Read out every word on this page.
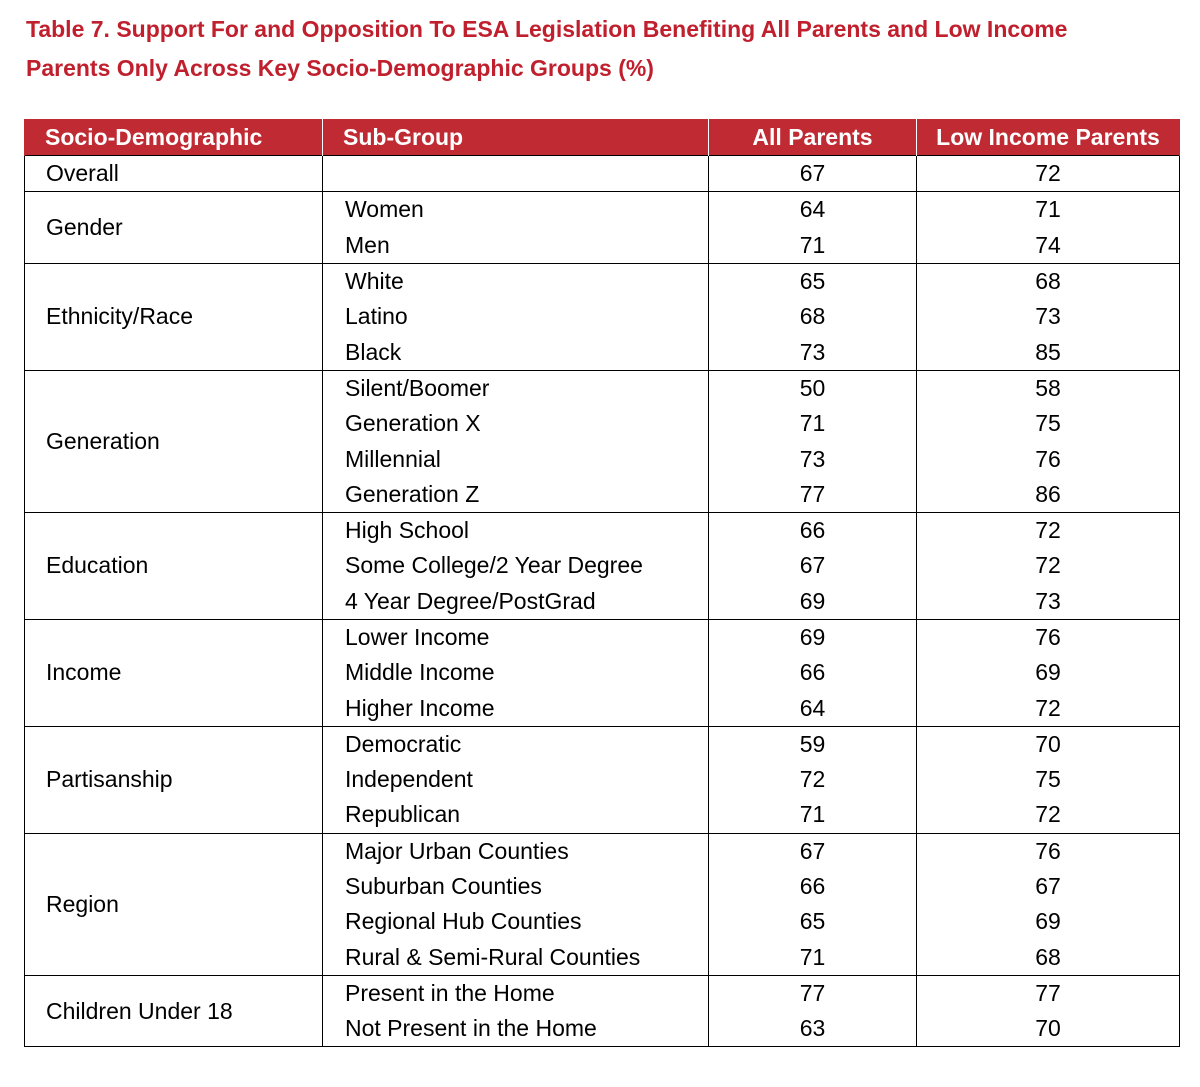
Table 7. Support For and Opposition To ESA Legislation Benefiting All Parents and Low Income
Parents Only Across Key Socio-Demographic Groups (%)

Socio-Demographic	Sub-Group	All Parents	Low Income Parents
Overall		67	72
Gender	Women	64	71
	Men	71	74
Ethnicity/Race	White	65	68
	Latino	68	73
	Black	73	85
Generation	Silent/Boomer	50	58
	Generation X	71	75
	Millennial	73	76
	Generation Z	77	86
Education	High School	66	72
	Some College/2 Year Degree	67	72
	4 Year Degree/PostGrad	69	73
Income	Lower Income	69	76
	Middle Income	66	69
	Higher Income	64	72
Partisanship	Democratic	59	70
	Independent	72	75
	Republican	71	72
Region	Major Urban Counties	67	76
	Suburban Counties	66	67
	Regional Hub Counties	65	69
	Rural & Semi-Rural Counties	71	68
Children Under 18	Present in the Home	77	77
	Not Present in the Home	63	70
